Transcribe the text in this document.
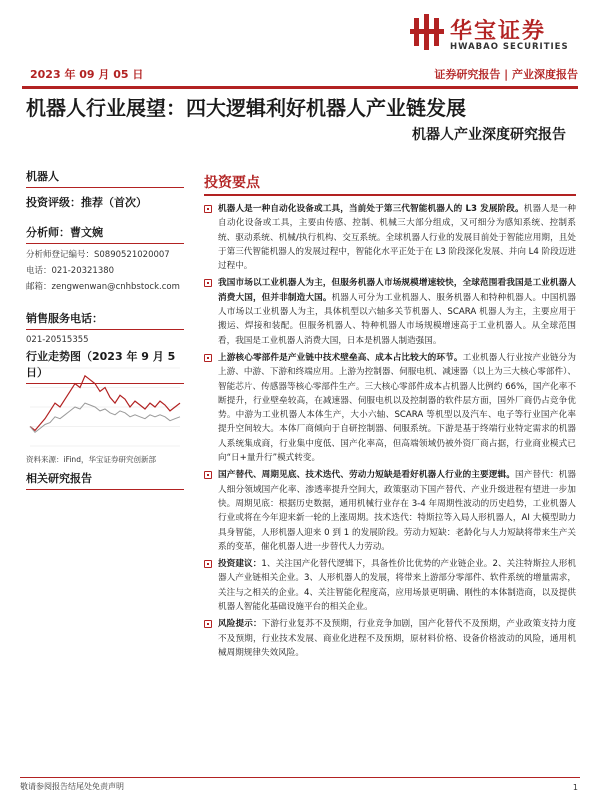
华宝证券
HWABAO SECURITIES
2023 年 09 月 05 日	证券研究报告 | 产业深度报告
机器人行业展望：四大逻辑利好机器人产业链发展
机器人产业深度研究报告
机器人
投资评级：推荐（首次）
分析师：曹文婉
分析师登记编号：S0890521020007
电话：021-20321380
邮箱：zengwenwan@cnhbstock.com
销售服务电话：
021-20515355
行业走势图（2023 年 9 月 5 日）
资料来源：iFind，华宝证券研究创新部
相关研究报告
投资要点
机器人是一种自动化设备或工具，当前处于第三代智能机器人的 L3 发展阶段。机器人是一种自动化设备或工具，主要由传感、控制、机械三大部分组成，又可细分为感知系统、控制系统、驱动系统、机械/执行机构、交互系统。全球机器人行业的发展目前处于智能应用期，且处于第三代智能机器人的发展过程中，智能化水平正处于在 L3 阶段深化发展、并向 L4 阶段迈进过程中。
我国市场以工业机器人为主，但服务机器人市场规模增速较快，全球范围看我国是工业机器人消费大国，但并非制造大国。机器人可分为工业机器人、服务机器人和特种机器人。中国机器人市场以工业机器人为主，具体机型以六轴多关节机器人、SCARA 机器人为主，主要应用于搬运、焊接和装配。但服务机器人、特种机器人市场规模增速高于工业机器人。从全球范围看，我国是工业机器人消费大国，日本是机器人制造强国。
上游核心零部件是产业链中技术壁垒高、成本占比较大的环节。工业机器人行业按产业链分为上游、中游、下游和终端应用。上游为控制器、伺服电机、减速器（以上为三大核心零部件）、智能芯片、传感器等核心零部件生产。三大核心零部件成本占机器人比例约 66%，国产化率不断提升，行业壁垒较高，在减速器、伺服电机以及控制器的软件层方面，国外厂商仍占竞争优势。中游为工业机器人本体生产，大小六轴、SCARA 等机型以及汽车、电子等行业国产化率提升空间较大。本体厂商倾向于自研控制器、伺服系统。下游是基于终端行业特定需求的机器人系统集成商，行业集中度低、国产化率高，但高端领域仍被外资厂商占据，行业商业模式已向“日+量升行”模式转变。
国产替代、周期见底、技术迭代、劳动力短缺是看好机器人行业的主要逻辑。国产替代：机器人细分领域国产化率、渗透率提升空间大，政策驱动下国产替代、产业升级进程有望进一步加快。周期见底：根据历史数据，通用机械行业存在 3-4 年周期性波动的历史趋势，工业机器人行业或将在今年迎来新一轮的上涨周期。技术迭代：特斯拉等入局人形机器人，AI 大模型助力具身智能，人形机器人迎来 0 到 1 的发展阶段。劳动力短缺：老龄化与人力短缺将带来生产关系的变革，催化机器人进一步替代人力劳动。
投资建议：1、关注国产化替代逻辑下，具备性价比优势的产业链企业。2、关注特斯拉人形机器人产业链相关企业。3、人形机器人的发展，将带来上游部分零部件、软件系统的增量需求，关注与之相关的企业。4、关注智能化程度高，应用场景更明确、刚性的本体制造商，以及提供机器人智能化基础设施平台的相关企业。
风险提示：下游行业复苏不及预期，行业竞争加剧，国产化替代不及预期，产业政策支持力度不及预期，行业技术发展、商业化进程不及预期，原材料价格、设备价格波动的风险，通用机械周期规律失效风险。
敬请参阅报告结尾处免责声明	1
